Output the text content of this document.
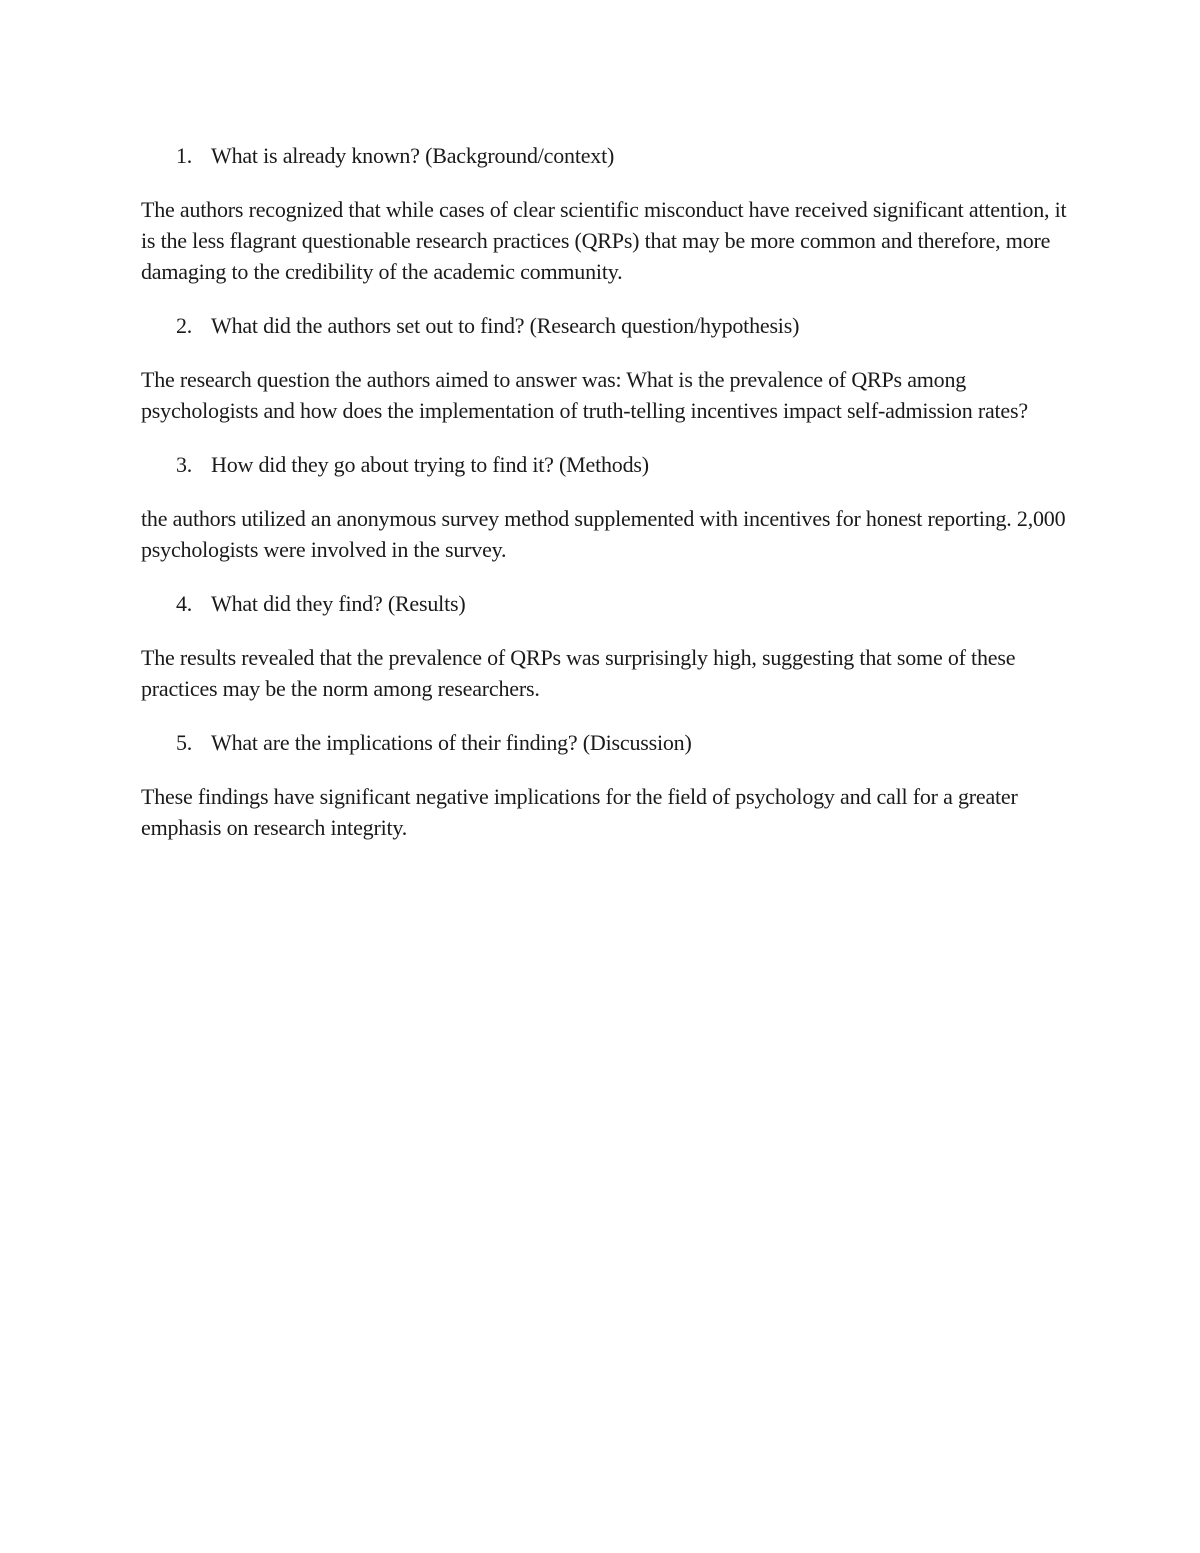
1. What is already known? (Background/context)

The authors recognized that while cases of clear scientific misconduct have received significant attention, it is the less flagrant questionable research practices (QRPs) that may be more common and therefore, more damaging to the credibility of the academic community.

2. What did the authors set out to find? (Research question/hypothesis)

The research question the authors aimed to answer was: What is the prevalence of QRPs among psychologists and how does the implementation of truth-telling incentives impact self-admission rates?

3. How did they go about trying to find it? (Methods)

the authors utilized an anonymous survey method supplemented with incentives for honest reporting. 2,000 psychologists were involved in the survey.

4. What did they find? (Results)

The results revealed that the prevalence of QRPs was surprisingly high, suggesting that some of these practices may be the norm among researchers.

5. What are the implications of their finding? (Discussion)

These findings have significant negative implications for the field of psychology and call for a greater emphasis on research integrity.
